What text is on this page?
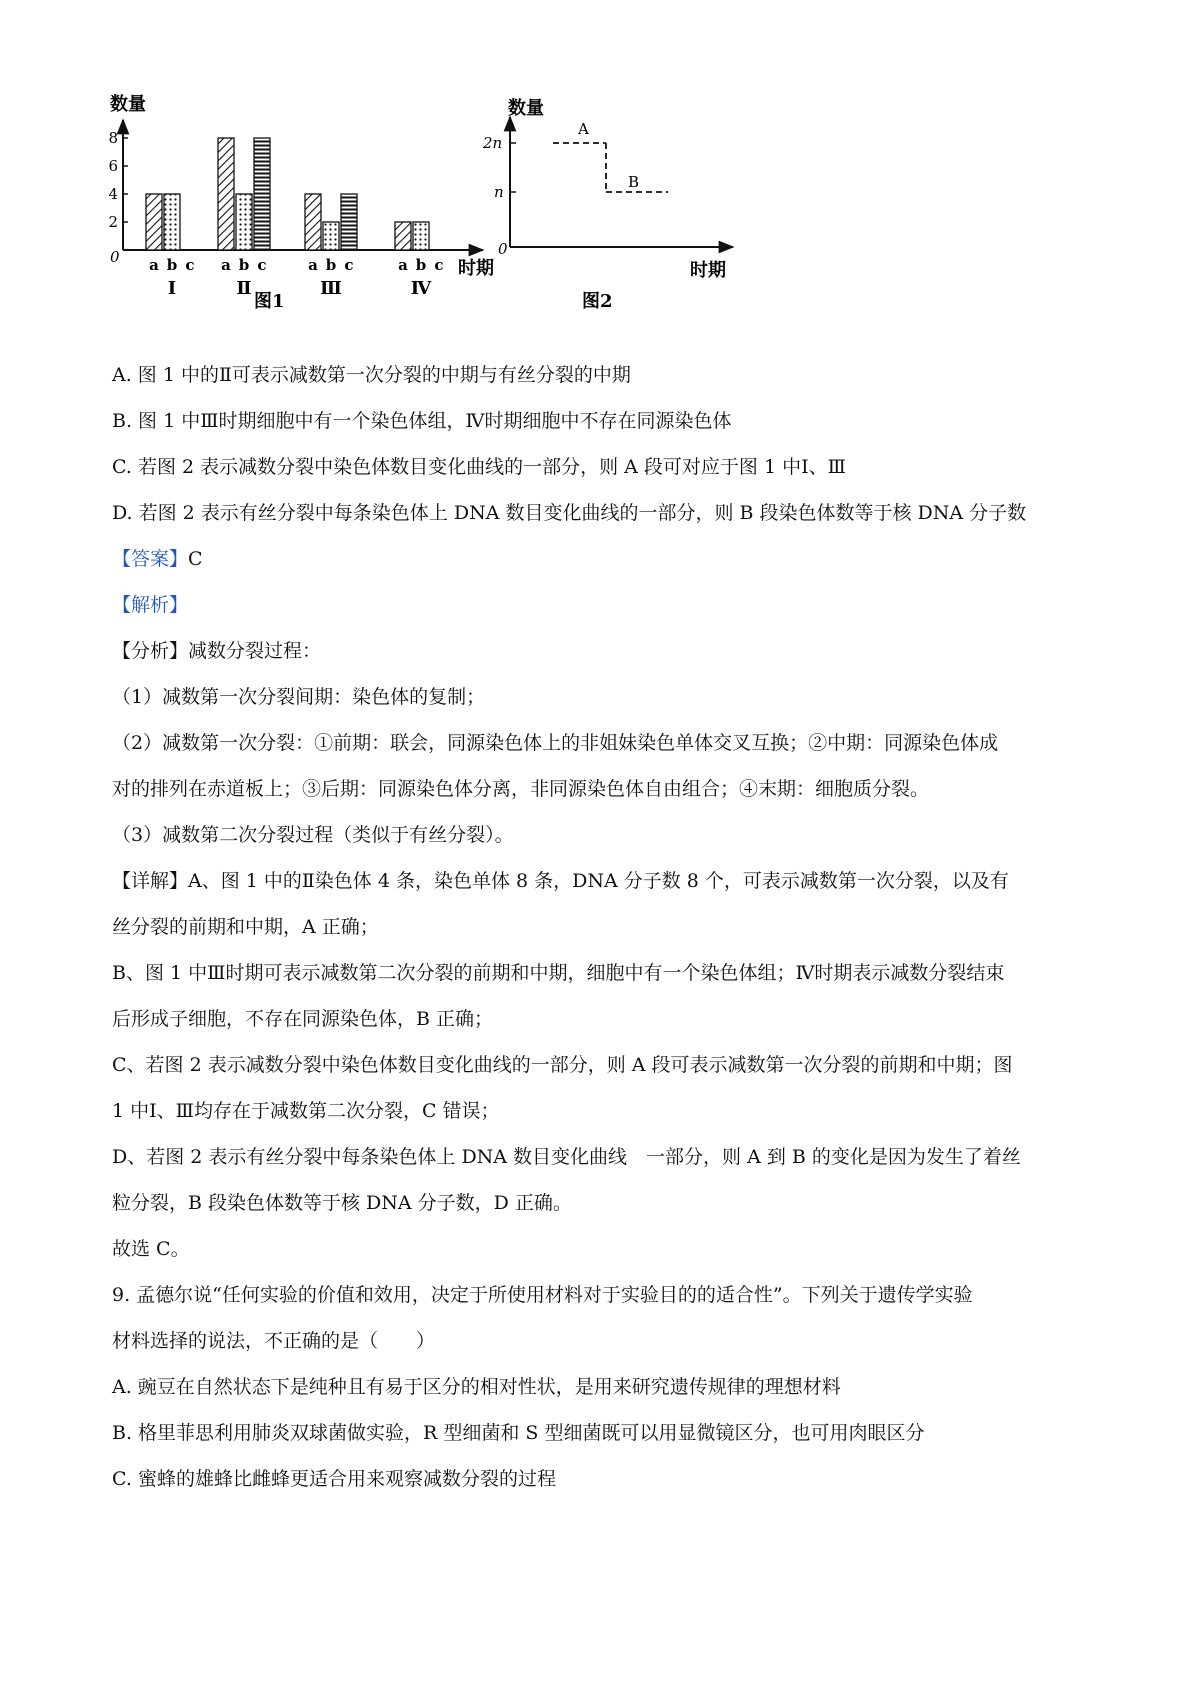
数量
0
时期
图1
2
4
6
8
a b c
Ⅰ
a b c
Ⅱ
a b c
Ⅲ
a b c
Ⅳ
数量
0
2n
n
A
B
时期
图2
A. 图 1 中的Ⅱ可表示减数第一次分裂的中期与有丝分裂的中期
B. 图 1 中Ⅲ时期细胞中有一个染色体组，Ⅳ时期细胞中不存在同源染色体
C. 若图 2 表示减数分裂中染色体数目变化曲线的一部分，则 A 段可对应于图 1 中Ⅰ、Ⅲ
D. 若图 2 表示有丝分裂中每条染色体上 DNA 数目变化曲线的一部分，则 B 段染色体数等于核 DNA 分子数
【答案】C
【解析】
【分析】减数分裂过程：
（1）减数第一次分裂间期：染色体的复制；
（2）减数第一次分裂：①前期：联会，同源染色体上的非姐妹染色单体交叉互换；②中期：同源染色体成
对的排列在赤道板上；③后期：同源染色体分离，非同源染色体自由组合；④末期：细胞质分裂。
（3）减数第二次分裂过程（类似于有丝分裂）。
【详解】A、图 1 中的Ⅱ染色体 4 条，染色单体 8 条，DNA 分子数 8 个，可表示减数第一次分裂，以及有
丝分裂的前期和中期，A 正确；
B、图 1 中Ⅲ时期可表示减数第二次分裂的前期和中期，细胞中有一个染色体组；Ⅳ时期表示减数分裂结束
后形成子细胞，不存在同源染色体，B 正确；
C、若图 2 表示减数分裂中染色体数目变化曲线的一部分，则 A 段可表示减数第一次分裂的前期和中期；图
1 中Ⅰ、Ⅲ均存在于减数第二次分裂，C 错误；
D、若图 2 表示有丝分裂中每条染色体上 DNA 数目变化曲线　一部分，则 A 到 B 的变化是因为发生了着丝
粒分裂，B 段染色体数等于核 DNA 分子数，D 正确。
故选 C。
9. 孟德尔说“任何实验的价值和效用，决定于所使用材料对于实验目的的适合性”。下列关于遗传学实验
材料选择的说法，不正确的是（　　）
A. 豌豆在自然状态下是纯种且有易于区分的相对性状，是用来研究遗传规律的理想材料
B. 格里菲思利用肺炎双球菌做实验，R 型细菌和 S 型细菌既可以用显微镜区分，也可用肉眼区分
C. 蜜蜂的雄蜂比雌蜂更适合用来观察减数分裂的过程
